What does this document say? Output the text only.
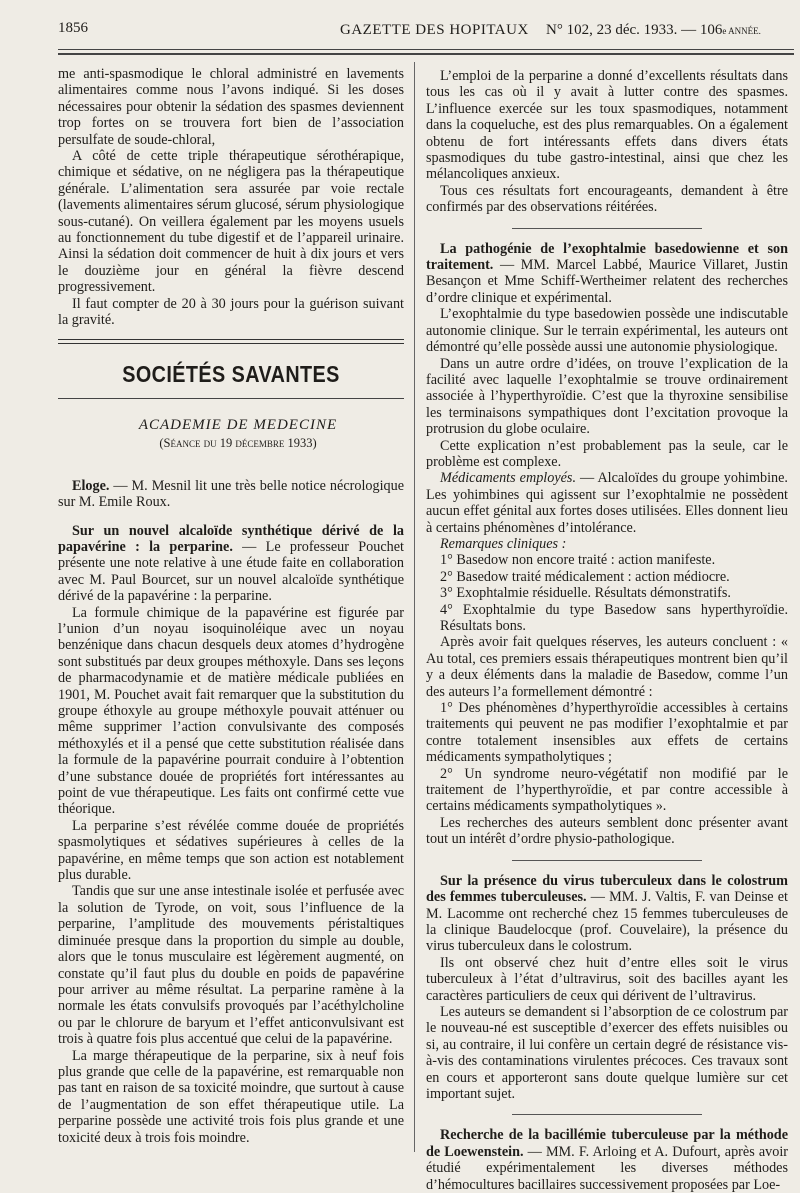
1856	GAZETTE DES HOPITAUX N° 102, 23 déc. 1933. — 106e ANNÉE.

me anti-spasmodique le chloral administré en lavements alimentaires comme nous l’avons indiqué. Si les doses nécessaires pour obtenir la sédation des spasmes deviennent trop fortes on se trouvera fort bien de l’association persulfate de soude-chloral,

A côté de cette triple thérapeutique sérothérapique, chimique et sédative, on ne négligera pas la thérapeutique générale. L’alimentation sera assurée par voie rectale (lavements alimentaires sérum glucosé, sérum physiologique sous-cutané). On veillera également par les moyens usuels au fonctionnement du tube digestif et de l’appareil urinaire. Ainsi la sédation doit commencer de huit à dix jours et vers le douzième jour en général la fièvre descend progressivement.

Il faut compter de 20 à 30 jours pour la guérison suivant la gravité.

SOCIÉTÉS SAVANTES

ACADEMIE DE MEDECINE

(Séance du 19 décembre 1933)

Eloge. — M. Mesnil lit une très belle notice nécrologique sur M. Emile Roux.

Sur un nouvel alcaloïde synthétique dérivé de la papavérine : la perparine. — Le professeur Pouchet présente une note relative à une étude faite en collaboration avec M. Paul Bourcet, sur un nouvel alcaloïde synthétique dérivé de la papavérine : la perparine.

La formule chimique de la papavérine est figurée par l’union d’un noyau isoquinoléique avec un noyau benzénique dans chacun desquels deux atomes d’hydrogène sont substitués par deux groupes méthoxyle. Dans ses leçons de pharmacodynamie et de matière médicale publiées en 1901, M. Pouchet avait fait remarquer que la substitution du groupe éthoxyle au groupe méthoxyle pouvait atténuer ou même supprimer l’action convulsivante des composés méthoxylés et il a pensé que cette substitution réalisée dans la formule de la papavérine pourrait conduire à l’obtention d’une substance douée de propriétés fort intéressantes au point de vue thérapeutique. Les faits ont confirmé cette vue théorique.

La perparine s’est révélée comme douée de propriétés spasmolytiques et sédatives supérieures à celles de la papavérine, en même temps que son action est notablement plus durable.

Tandis que sur une anse intestinale isolée et perfusée avec la solution de Tyrode, on voit, sous l’influence de la perparine, l’amplitude des mouvements péristaltiques diminuée presque dans la proportion du simple au double, alors que le tonus musculaire est légèrement augmenté, on constate qu’il faut plus du double en poids de papavérine pour arriver au même résultat. La perparine ramène à la normale les états convulsifs provoqués par l’acéthylcholine ou par le chlorure de baryum et l’effet anticonvulsivant est trois à quatre fois plus accentué que celui de la papavérine.

La marge thérapeutique de la perparine, six à neuf fois plus grande que celle de la papavérine, est remarquable non pas tant en raison de sa toxicité moindre, que surtout à cause de l’augmentation de son effet thérapeutique utile. La perparine possède une activité trois fois plus grande et une toxicité deux à trois fois moindre.

L’emploi de la perparine a donné d’excellents résultats dans tous les cas où il y avait à lutter contre des spasmes. L’influence exercée sur les toux spasmodiques, notamment dans la coqueluche, est des plus remarquables. On a également obtenu de fort intéressants effets dans divers états spasmodiques du tube gastro-intestinal, ainsi que chez les mélancoliques anxieux.

Tous ces résultats fort encourageants, demandent à être confirmés par des observations réitérées.

La pathogénie de l’exophtalmie basedowienne et son traitement. — MM. Marcel Labbé, Maurice Villaret, Justin Besançon et Mme Schiff-Wertheimer relatent des recherches d’ordre clinique et expérimental.

L’exophtalmie du type basedowien possède une indiscutable autonomie clinique. Sur le terrain expérimental, les auteurs ont démontré qu’elle possède aussi une autonomie physiologique.

Dans un autre ordre d’idées, on trouve l’explication de la facilité avec laquelle l’exophtalmie se trouve ordinairement associée à l’hyperthyroïdie. C’est que la thyroxine sensibilise les terminaisons sympathiques dont l’excitation provoque la protrusion du globe oculaire.

Cette explication n’est probablement pas la seule, car le problème est complexe.

Médicaments employés. — Alcaloïdes du groupe yohimbine. Les yohimbines qui agissent sur l’exophtalmie ne possèdent aucun effet génital aux fortes doses utilisées. Elles donnent lieu à certains phénomènes d’intolérance.

Remarques cliniques :

1° Basedow non encore traité : action manifeste.

2° Basedow traité médicalement : action médiocre.

3° Exophtalmie résiduelle. Résultats démonstratifs.

4° Exophtalmie du type Basedow sans hyperthyroïdie. Résultats bons.

Après avoir fait quelques réserves, les auteurs concluent : « Au total, ces premiers essais thérapeutiques montrent bien qu’il y a deux éléments dans la maladie de Basedow, comme l’un des auteurs l’a formellement démontré :

1° Des phénomènes d’hyperthyroïdie accessibles à certains traitements qui peuvent ne pas modifier l’exophtalmie et par contre totalement insensibles aux effets de certains médicaments sympatholytiques ;

2° Un syndrome neuro-végétatif non modifié par le traitement de l’hyperthyroïdie, et par contre accessible à certains médicaments sympatholytiques ».

Les recherches des auteurs semblent donc présenter avant tout un intérêt d’ordre physio-pathologique.

Sur la présence du virus tuberculeux dans le colostrum des femmes tuberculeuses. — MM. J. Valtis, F. van Deinse et M. Lacomme ont recherché chez 15 femmes tuberculeuses de la clinique Baudelocque (prof. Couvelaire), la présence du virus tuberculeux dans le colostrum.

Ils ont observé chez huit d’entre elles soit le virus tuberculeux à l’état d’ultravirus, soit des bacilles ayant les caractères particuliers de ceux qui dérivent de l’ultravirus.

Les auteurs se demandent si l’absorption de ce colostrum par le nouveau-né est susceptible d’exercer des effets nuisibles ou si, au contraire, il lui confère un certain degré de résistance vis-à-vis des contaminations virulentes précoces. Ces travaux sont en cours et apporteront sans doute quelque lumière sur cet important sujet.

Recherche de la bacillémie tuberculeuse par la méthode de Loewenstein. — MM. F. Arloing et A. Dufourt, après avoir étudié expérimentalement les diverses méthodes d’hémocultures bacillaires successivement proposées par Loe-
